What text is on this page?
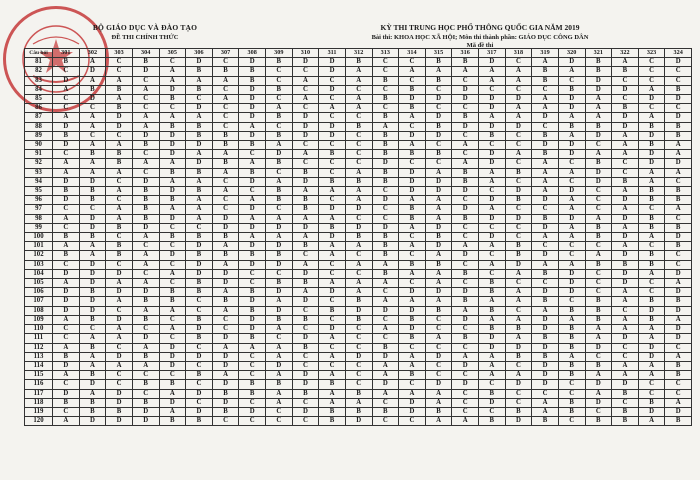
BỘ GIÁO DỤC VÀ ĐÀO TẠO
ĐỀ THI CHÍNH THỨC
KỲ THI TRUNG HỌC PHỔ THÔNG QUỐC GIA NĂM 2019
Bài thi: KHOA HỌC XÃ HỘI; Môn thi thành phần: GIÁO DỤC CÔNG DÂN
Mã đề thi
Câu hỏi	301	302	303	304	305	306	307	308	309	310	311	312	313	314	315	316	317	318	319	320	321	322	323	324
81	B	A	C	B	C	D	C	D	B	D	D	B	C	C	B	B	D	C	A	D	B	A	C	D
82	C	D	C	D	A	B	B	B	C	C	D	A	C	A	A	A	A	A	B	A	B	B	C	C
83	D	A	A	C	A	A	A	B	C	A	C	A	B	C	B	C	A	A	B	C	D	C	C	C
84	A	B	B	A	D	B	C	D	B	C	D	C	C	B	C	D	C	C	C	B	D	D	A	B
85	C	D	A	C	B	C	A	D	C	A	C	A	B	D	D	D	D	D	A	D	A	C	D	D
86	C	C	B	C	C	D	C	D	A	C	A	A	C	B	C	C	D	A	A	D	A	B	C	C
87	A	A	D	A	A	A	C	D	B	D	C	C	B	A	D	B	A	A	D	A	A	D	A	D
88	D	A	D	A	B	B	C	A	C	D	D	B	A	C	B	D	D	D	C	B	B	D	B	B
89	B	C	C	D	D	B	B	D	B	D	D	C	B	D	D	C	B	C	B	A	D	A	D	B
90	D	A	A	B	D	D	B	B	A	C	C	C	B	A	C	A	C	C	D	D	C	A	B	A
91	C	B	B	C	D	A	A	C	D	A	B	C	B	B	B	C	D	A	B	D	A	A	D	A
92	A	A	B	A	A	D	B	A	B	C	C	C	D	C	C	A	D	C	A	C	B	C	D	D
93	A	A	A	C	B	B	A	B	C	B	C	A	B	D	A	B	A	B	A	A	D	C	A	A
94	D	D	C	D	A	A	C	D	A	D	B	B	B	D	D	B	A	C	A	C	D	B	A	C
95	B	B	A	B	D	B	A	C	B	A	A	A	C	D	D	D	C	D	A	D	C	A	B	B
96	D	B	C	B	B	A	C	A	B	B	C	A	D	A	A	C	D	B	D	A	C	D	B	B
97	C	C	A	B	A	A	C	D	C	B	D	D	C	B	A	D	A	C	C	A	C	A	C	A
98	A	D	A	B	D	A	D	A	A	A	A	C	C	B	A	B	D	D	B	D	A	D	B	C
99	C	D	B	D	C	C	D	D	D	D	B	D	D	A	D	C	C	C	D	A	B	A	B	B
100	B	B	C	A	B	B	B	A	A	A	D	B	B	C	B	C	D	C	A	A	B	D	A	D
101	A	A	B	C	C	D	A	D	D	B	A	A	B	A	D	A	A	B	C	C	C	A	C	B
102	B	A	B	A	D	B	B	B	B	C	A	C	B	C	A	D	C	B	D	C	A	D	B	C
103	C	D	C	A	C	D	A	D	D	A	C	A	A	B	B	C	A	D	A	A	B	B	B	C
104	D	D	D	C	A	D	D	C	C	D	C	C	B	A	A	B	C	A	B	D	C	D	A	D
105	A	D	A	A	C	B	D	C	B	B	A	A	A	C	A	C	B	C	C	D	C	D	C	A
106	D	B	D	D	B	B	A	B	D	A	D	A	C	D	D	D	B	A	D	D	C	A	C	D
107	D	D	A	B	B	C	B	D	A	D	C	B	A	A	A	B	A	A	B	C	B	A	B	B
108	D	D	C	A	A	C	A	B	D	C	B	D	D	D	B	A	B	C	A	B	B	C	D	D
109	A	B	D	B	C	B	C	D	B	B	C	B	C	B	C	D	A	A	D	A	B	A	B	A
110	C	C	A	C	A	D	C	D	A	C	D	C	A	D	C	C	B	B	D	B	A	A	A	D
111	C	A	A	D	C	B	D	B	C	D	A	C	C	B	A	B	D	A	B	B	A	D	A	D
112	A	B	C	A	D	C	A	A	A	B	C	C	B	C	C	C	D	D	D	B	D	C	D	C
113	B	A	D	B	D	D	D	C	A	C	A	D	D	A	D	A	A	B	B	A	C	C	D	A
114	D	A	A	A	D	C	D	C	D	C	C	C	A	A	C	D	A	C	D	B	B	A	A	B
115	A	B	C	C	C	B	A	C	A	D	A	C	A	B	C	C	A	A	D	B	A	A	A	B
116	C	D	C	B	B	C	D	B	B	D	B	C	D	C	D	D	C	D	D	C	D	D	C	C
117	D	A	D	C	A	D	B	B	A	B	A	B	A	A	A	C	B	C	C	C	A	B	C	C
118	B	B	D	B	D	C	D	C	A	C	A	A	C	D	A	C	D	C	A	B	D	C	B	A
119	C	B	B	D	A	D	B	D	C	D	B	B	B	D	B	C	C	B	A	B	C	B	D	D
120	A	D	D	D	B	B	C	C	C	C	B	D	C	C	A	A	B	D	B	C	B	B	A	B
